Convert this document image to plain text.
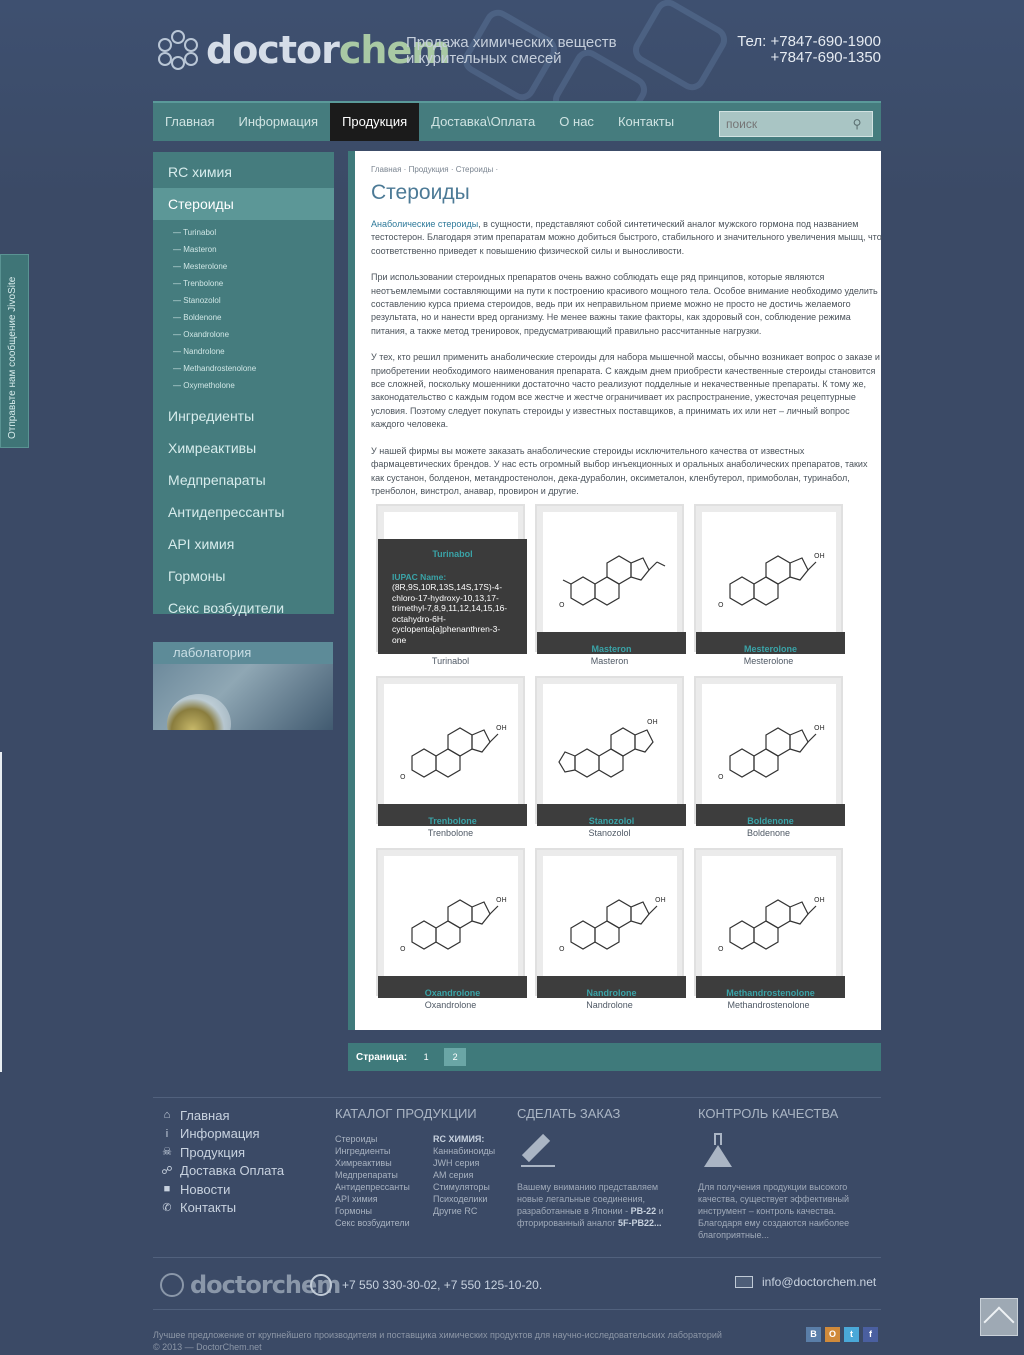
doctorchem
Продажа химических веществ
и курительных смесей
Тел: +7847-690-1900
+7847-690-1350
Главная	Информация	Продукция	Доставка\Оплата	О нас	Контакты
поиск	⚲
RC химия
Стероиды
— Turinabol
— Masteron
— Mesterolone
— Trenbolone
— Stanozolol
— Boldenone
— Oxandrolone
— Nandrolone
— Methandrostenolone
— Oxymetholone
Ингредиенты
Химреактивы
Медпрепараты
Антидепрессанты
API химия
Гормоны
Секс возбудители
лаболатория
Отправьте нам сообщение JivoSite
Главная · Продукция · Стероиды ·
Стероиды

Анаболические стероиды, в сущности, представляют собой синтетический аналог мужского гормона под названием тестостерон. Благодаря этим препаратам можно добиться быстрого, стабильного и значительного увеличения мышц, что соответственно приведет к повышению физической силы и выносливости.

При использовании стероидных препаратов очень важно соблюдать еще ряд принципов, которые являются неотъемлемыми составляющими на пути к построению красивого мощного тела. Особое внимание необходимо уделить составлению курса приема стероидов, ведь при их неправильном приеме можно не просто не достичь желаемого результата, но и нанести вред организму. Не менее важны такие факторы, как здоровый сон, соблюдение режима питания, а также метод тренировок, предусматривающий правильно рассчитанные нагрузки.

У тех, кто решил применить анаболические стероиды для набора мышечной массы, обычно возникает вопрос о заказе и приобретении необходимого наименования препарата. С каждым днем приобрести качественные стероиды становится все сложней, поскольку мошенники достаточно часто реализуют подделные и некачественные препараты. К тому же, законодательство с каждым годом все жестче и жестче ограничивает их распространение, ужесточая рецептурные условия. Поэтому следует покупать стероиды у известных поставщиков, а принимать их или нет – личный вопрос каждого человека.

У нашей фирмы вы можете заказать анаболические стероиды исключительного качества от известных фармацевтических брендов. У нас есть огромный выбор инъекционных и оральных анаболических препаратов, таких как сустанон, болденон, метандростенолон, дека-дураболин, оксиметалон, кленбутерол, примоболан, туринабол, тренболон, винстрол, анавар, провирон и другие.

Turinabol
IUPAC Name:
(8R,9S,10R,13S,14S,17S)-4-chloro-17-hydroxy-10,13,17-trimethyl-7,8,9,11,12,14,15,16-octahydro-6H-cyclopenta[a]phenanthren-3-one
Turinabol
O
Masteron
Masteron
OH
O
Mesterolone
Mesterolone
OH
O
Trenbolone
Trenbolone
OH
Stanozolol
Stanozolol
OH
O
Boldenone
Boldenone
OH
O
Oxandrolone
Oxandrolone
OH
O
Nandrolone
Nandrolone
OH
O
Methandrostenolone
Methandrostenolone
Страница:	1	2
⌂ Главная
i Информация
☠ Продукция
☍ Доставка Оплата
■ Новости
✆ Контакты
КАТАЛОГ ПРОДУКЦИИ
Стероиды
Ингредиенты
Химреактивы
Медпрепараты
Антидепрессанты
API химия
Гормоны
Секс возбудители
RC ХИМИЯ:
Каннабиноиды
JWH серия
АМ серия
Стимуляторы
Психоделики
Другие RC
СДЕЛАТЬ ЗАКАЗ
Вашему вниманию представляем новые легальные соединения, разработанные в Японии - PB-22 и фторированный аналог 5F-PB22...
КОНТРОЛЬ КАЧЕСТВА
Для получения продукции высокого качества, существует эффективный инструмент – контроль качества. Благодаря ему создаются наиболее благоприятные...
doctorchem +7 550 330-30-02, +7 550 125-10-20.	info@doctorchem.net
Лучшее предложение от крупнейшего производителя и поставщика химических продуктов для научно-исследовательских лабораторий
© 2013 — DoctorChem.net
В	О	t	f
